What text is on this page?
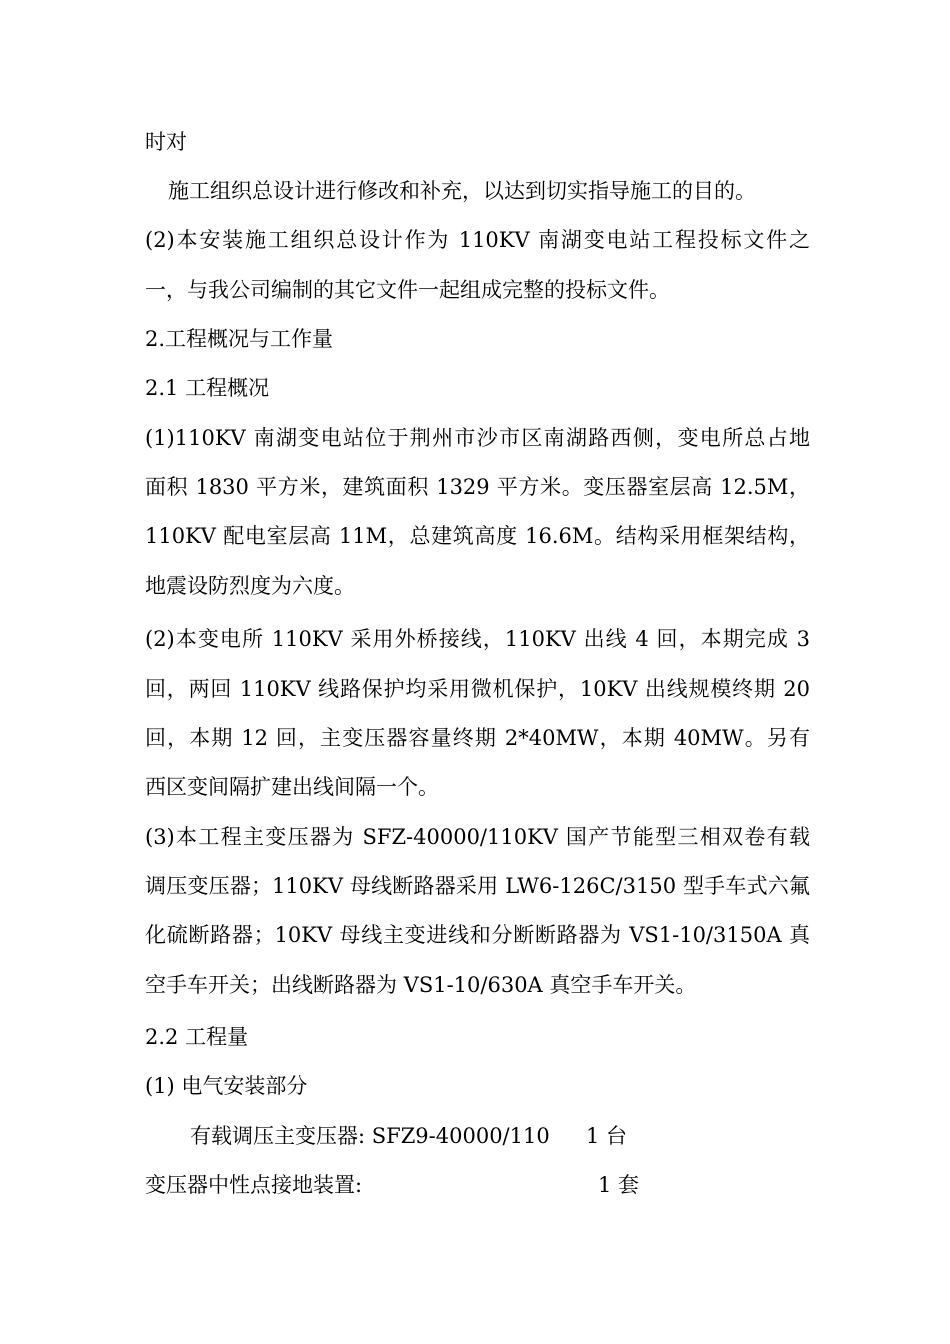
时对
施工组织总设计进行修改和补充，以达到切实指导施工的目的。
(2)本安装施工组织总设计作为 110KV 南湖变电站工程投标文件之
一，与我公司编制的其它文件一起组成完整的投标文件。
2.工程概况与工作量
2.1 工程概况
(1)110KV 南湖变电站位于荆州市沙市区南湖路西侧，变电所总占地
面积 1830 平方米，建筑面积 1329 平方米。变压器室层高 12.5M，
110KV 配电室层高 11M，总建筑高度 16.6M。结构采用框架结构，
地震设防烈度为六度。
(2)本变电所 110KV 采用外桥接线，110KV 出线 4 回，本期完成 3
回，两回 110KV 线路保护均采用微机保护，10KV 出线规模终期 20
回，本期 12 回，主变压器容量终期 2*40MW，本期 40MW。另有
西区变间隔扩建出线间隔一个。
(3)本工程主变压器为 SFZ-40000/110KV 国产节能型三相双卷有载
调压变压器；110KV 母线断路器采用 LW6-126C/3150 型手车式六氟
化硫断路器；10KV 母线主变进线和分断断路器为 VS1-10/3150A 真
空手车开关；出线断路器为 VS1-10/630A 真空手车开关。
2.2 工程量
(1) 电气安装部分
有载调压主变压器: SFZ9-40000/110 1 台
变压器中性点接地装置:	1 套
